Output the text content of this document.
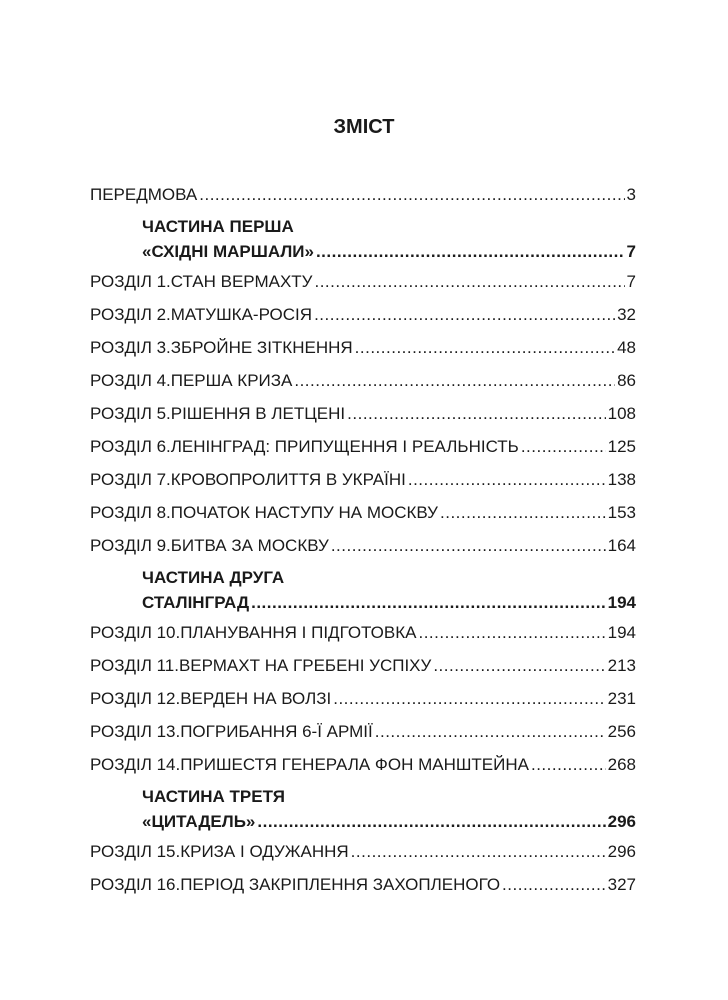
ЗМІСТ
ПЕРЕДМОВА .....	3
ЧАСТИНА ПЕРША
«СХІДНІ МАРШАЛИ» .....	7
РОЗДІЛ 1.СТАН ВЕРМАХТУ .....	7
РОЗДІЛ 2.МАТУШКА-РОСІЯ .....	32
РОЗДІЛ 3.ЗБРОЙНЕ ЗІТКНЕННЯ .....	48
РОЗДІЛ 4.ПЕРША КРИЗА .....	86
РОЗДІЛ 5.РІШЕННЯ В ЛЕТЦЕНІ .....	108
РОЗДІЛ 6.ЛЕНІНГРАД: ПРИПУЩЕННЯ І РЕАЛЬНІСТЬ .....	125
РОЗДІЛ 7.КРОВОПРОЛИТТЯ В УКРАЇНІ .....	138
РОЗДІЛ 8.ПОЧАТОК НАСТУПУ НА МОСКВУ .....	153
РОЗДІЛ 9.БИТВА ЗА МОСКВУ .....	164
ЧАСТИНА ДРУГА
СТАЛІНГРАД .....	194
РОЗДІЛ 10.ПЛАНУВАННЯ І ПІДГОТОВКА .....	194
РОЗДІЛ 11.ВЕРМАХТ НА ГРЕБЕНІ УСПІХУ .....	213
РОЗДІЛ 12.ВЕРДЕН НА ВОЛЗІ .....	231
РОЗДІЛ 13.ПОГРИБАННЯ 6-Ї АРМІЇ .....	256
РОЗДІЛ 14.ПРИШЕСТЯ ГЕНЕРАЛА ФОН МАНШТЕЙНА .....	268
ЧАСТИНА ТРЕТЯ
«ЦИТАДЕЛЬ» .....	296
РОЗДІЛ 15.КРИЗА І ОДУЖАННЯ .....	296
РОЗДІЛ 16.ПЕРІОД ЗАКРІПЛЕННЯ ЗАХОПЛЕНОГО .....	327
